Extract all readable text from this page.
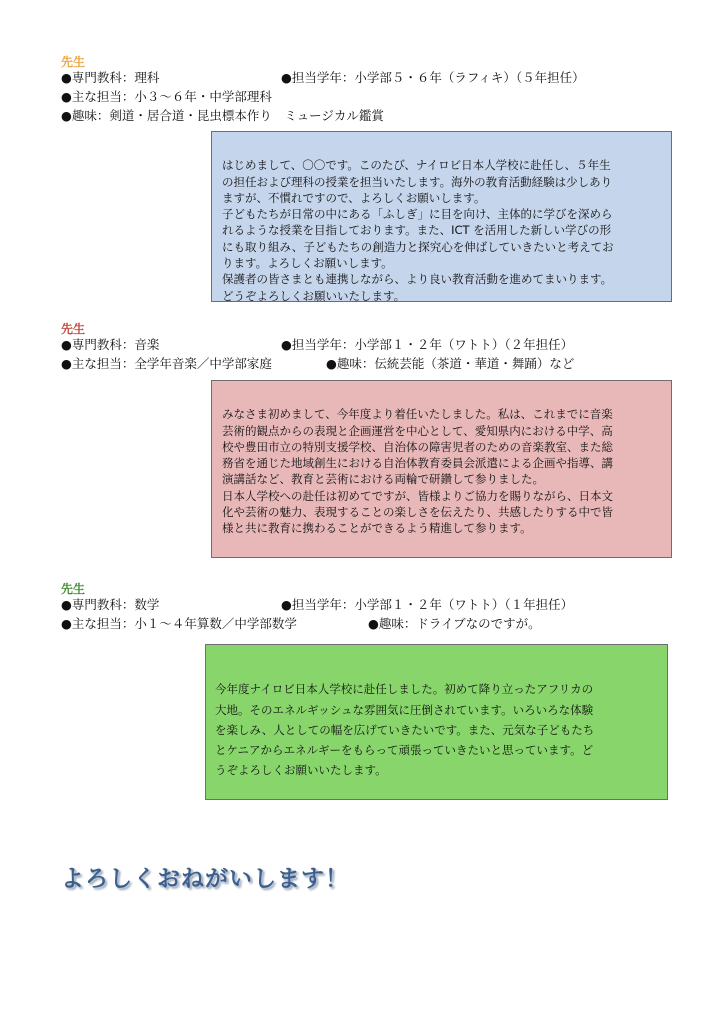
先生
●専門教科：理科	●担当学年：小学部５・６年（ラフィキ）（５年担任）
●主な担当：小３〜６年・中学部理科
●趣味：剣道・居合道・昆虫標本作り　ミュージカル鑑賞

はじめまして、〇〇です。このたび、ナイロビ日本人学校に赴任し、５年生
の担任および理科の授業を担当いたします。海外の教育活動経験は少しあり
ますが、不慣れですので、よろしくお願いします。
子どもたちが日常の中にある「ふしぎ」に目を向け、主体的に学びを深めら
れるような授業を目指しております。また、ICT を活用した新しい学びの形
にも取り組み、子どもたちの創造力と探究心を伸ばしていきたいと考えてお
ります。よろしくお願いします。
保護者の皆さまとも連携しながら、より良い教育活動を進めてまいります。
どうぞよろしくお願いいたします。

先生
●専門教科：音楽	●担当学年：小学部１・２年（ワトト）（２年担任）
●主な担当：全学年音楽／中学部家庭	●趣味：伝統芸能（茶道・華道・舞踊）など

みなさま初めまして、今年度より着任いたしました。私は、これまでに音楽
芸術的観点からの表現と企画運営を中心として、愛知県内における中学、高
校や豊田市立の特別支援学校、自治体の障害児者のための音楽教室、また総
務省を通じた地域創生における自治体教育委員会派遣による企画や指導、講
演講話など、教育と芸術における両輪で研鑽して参りました。
日本人学校への赴任は初めてですが、皆様よりご協力を賜りながら、日本文
化や芸術の魅力、表現することの楽しさを伝えたり、共感したりする中で皆
様と共に教育に携わることができるよう精進して参ります。

先生
●専門教科：数学	●担当学年：小学部１・２年（ワトト）（１年担任）
●主な担当：小１〜４年算数／中学部数学	●趣味：ドライブなのですが。

今年度ナイロビ日本人学校に赴任しました。初めて降り立ったアフリカの
大地。そのエネルギッシュな雰囲気に圧倒されています。いろいろな体験
を楽しみ、人としての幅を広げていきたいです。また、元気な子どもたち
とケニアからエネルギーをもらって頑張っていきたいと思っています。ど
うぞよろしくお願いいたします。

よろしくおねがいします！
